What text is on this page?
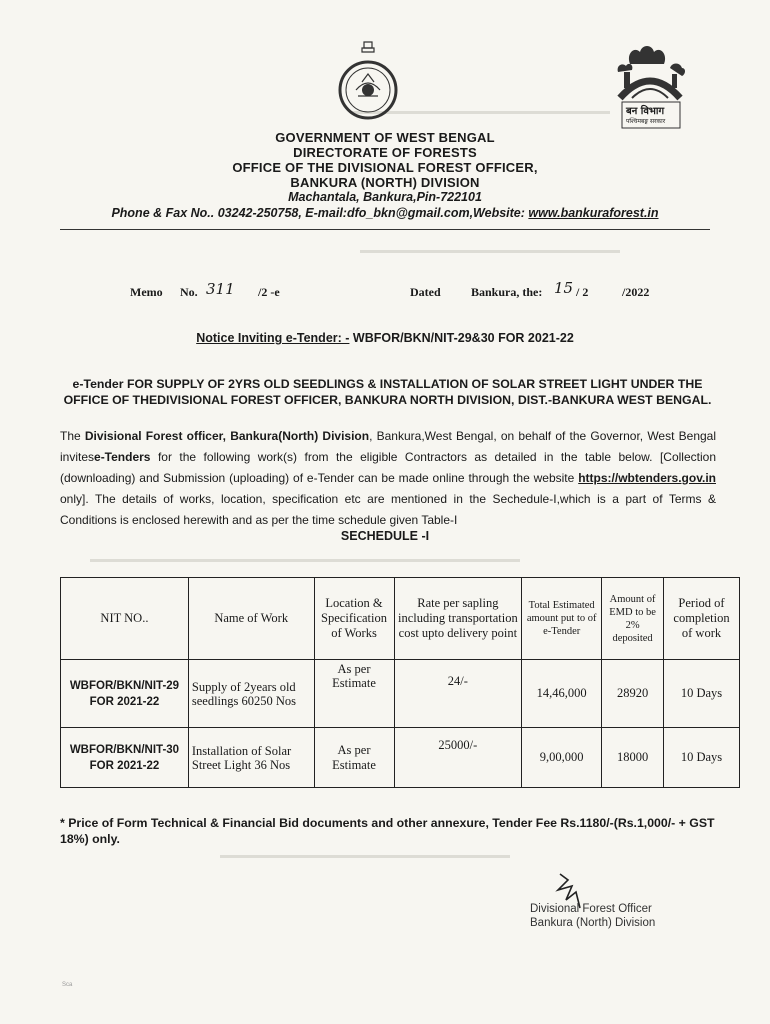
▬▬▬▬▬▬▬▬▬▬▬▬▬▬▬▬▬▬▬▬▬▬▬▬▬▬
▬▬▬▬▬▬▬▬▬▬▬▬▬▬▬▬▬▬▬▬▬▬▬▬▬▬
▬▬▬▬▬▬▬▬▬▬▬▬▬▬▬▬▬▬▬▬▬▬▬▬▬▬▬▬▬▬▬▬▬▬▬▬▬▬▬▬▬▬▬
▬▬▬▬▬▬▬▬▬▬▬▬▬▬▬▬▬▬▬▬▬▬▬▬▬▬▬▬▬
बन विभाग
पश्चिमबङ्ग सरकार
GOVERNMENT OF WEST BENGAL
DIRECTORATE OF FORESTS
OFFICE OF THE DIVISIONAL FOREST OFFICER,
BANKURA (NORTH) DIVISION
Machantala, Bankura,Pin-722101
Phone & Fax No.. 03242-250758, E-mail:dfo_bkn@gmail.com,Website: www.bankuraforest.in
Memo No. 311 /2 -e	Dated	Bankura, the: 15 / 2	/2022
Notice Inviting e-Tender: - WBFOR/BKN/NIT-29&30 FOR 2021-22
e-Tender FOR SUPPLY OF 2YRS OLD SEEDLINGS & INSTALLATION OF SOLAR STREET LIGHT UNDER THE OFFICE OF THEDIVISIONAL FOREST OFFICER, BANKURA NORTH DIVISION, DIST.-BANKURA WEST BENGAL.
The Divisional Forest officer, Bankura(North) Division, Bankura,West Bengal, on behalf of the Governor, West Bengal invitese-Tenders for the following work(s) from the eligible Contractors as detailed in the table below. [Collection (downloading) and Submission (uploading) of e-Tender can be made online through the website https://wbtenders.gov.in only]. The details of works, location, specification etc are mentioned in the Sechedule-I,which is a part of Terms & Conditions is enclosed herewith and as per the time schedule given Table-I
SECHEDULE -I
NIT NO..	Name of Work	Location & Specification of Works	Rate per sapling including transportation cost upto delivery point	Total Estimated amount put to of e-Tender	Amount of EMD to be 2% deposited	Period of completion of work

WBFOR/BKN/NIT-29
FOR 2021-22	Supply of 2years old seedlings 60250 Nos	As per Estimate	24/-	14,46,000	28920	10 Days

WBFOR/BKN/NIT-30
FOR 2021-22	Installation of Solar Street Light 36 Nos	As per Estimate	25000/-	9,00,000	18000	10 Days
* Price of Form Technical & Financial Bid documents and other annexure, Tender Fee Rs.1180/-(Rs.1,000/- + GST 18%) only.
Divisional Forest Officer
Bankura (North) Division
Sca
